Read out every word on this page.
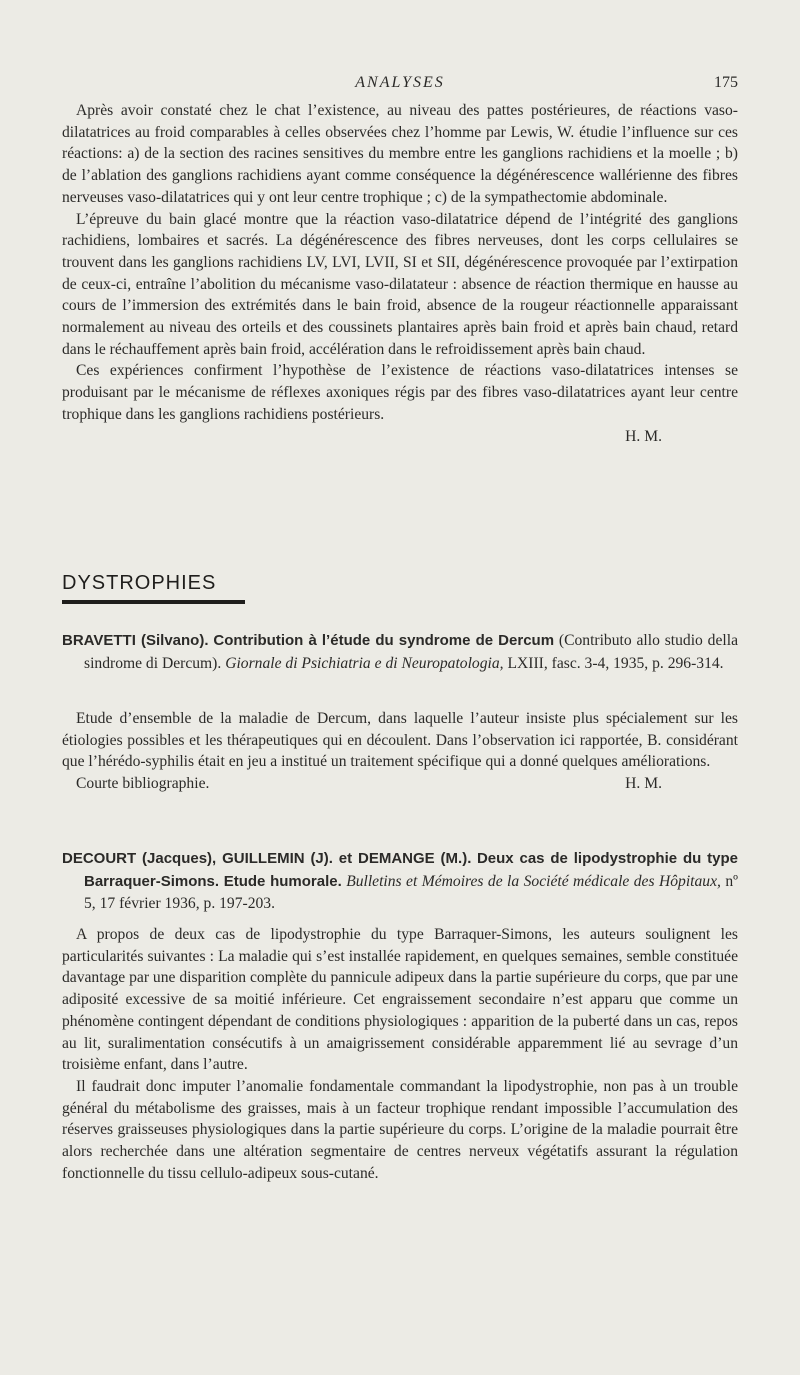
ANALYSES	175

Après avoir constaté chez le chat l’existence, au niveau des pattes postérieures, de réactions vaso-dilatatrices au froid comparables à celles observées chez l’homme par Lewis, W. étudie l’influence sur ces réactions: a) de la section des racines sensitives du membre entre les ganglions rachidiens et la moelle ; b) de l’ablation des ganglions rachidiens ayant comme conséquence la dégénérescence wallérienne des fibres nerveuses vaso-dilatatrices qui y ont leur centre trophique ; c) de la sympathectomie abdominale.

L’épreuve du bain glacé montre que la réaction vaso-dilatatrice dépend de l’intégrité des ganglions rachidiens, lombaires et sacrés. La dégénérescence des fibres nerveuses, dont les corps cellulaires se trouvent dans les ganglions rachidiens LV, LVI, LVII, SI et SII, dégénérescence provoquée par l’extirpation de ceux-ci, entraîne l’abolition du mécanisme vaso-dilatateur : absence de réaction thermique en hausse au cours de l’immersion des extrémités dans le bain froid, absence de la rougeur réactionnelle apparaissant normalement au niveau des orteils et des coussinets plantaires après bain froid et après bain chaud, retard dans le réchauffement après bain froid, accélération dans le refroidissement après bain chaud.

Ces expériences confirment l’hypothèse de l’existence de réactions vaso-dilatatrices intenses se produisant par le mécanisme de réflexes axoniques régis par des fibres vaso-dilatatrices ayant leur centre trophique dans les ganglions rachidiens postérieurs.

H. M.

DYSTROPHIES
BRAVETTI (Silvano). Contribution à l’étude du syndrome de Dercum (Contributo allo studio della sindrome di Dercum). Giornale di Psichiatria e di Neuropatologia, LXIII, fasc. 3-4, 1935, p. 296-314.

Etude d’ensemble de la maladie de Dercum, dans laquelle l’auteur insiste plus spécialement sur les étiologies possibles et les thérapeutiques qui en découlent. Dans l’observation ici rapportée, B. considérant que l’hérédo-syphilis était en jeu a institué un traitement spécifique qui a donné quelques améliorations.

Courte bibliographie.	H. M.

DECOURT (Jacques), GUILLEMIN (J). et DEMANGE (M.). Deux cas de lipodystrophie du type Barraquer-Simons. Etude humorale. Bulletins et Mémoires de la Société médicale des Hôpitaux, nº 5, 17 février 1936, p. 197-203.

A propos de deux cas de lipodystrophie du type Barraquer-Simons, les auteurs soulignent les particularités suivantes : La maladie qui s’est installée rapidement, en quelques semaines, semble constituée davantage par une disparition complète du pannicule adipeux dans la partie supérieure du corps, que par une adiposité excessive de sa moitié inférieure. Cet engraissement secondaire n’est apparu que comme un phénomène contingent dépendant de conditions physiologiques : apparition de la puberté dans un cas, repos au lit, suralimentation consécutifs à un amaigrissement considérable apparemment lié au sevrage d’un troisième enfant, dans l’autre.

Il faudrait donc imputer l’anomalie fondamentale commandant la lipodystrophie, non pas à un trouble général du métabolisme des graisses, mais à un facteur trophique rendant impossible l’accumulation des réserves graisseuses physiologiques dans la partie supérieure du corps. L’origine de la maladie pourrait être alors recherchée dans une altération segmentaire de centres nerveux végétatifs assurant la régulation fonctionnelle du tissu cellulo-adipeux sous-cutané.
